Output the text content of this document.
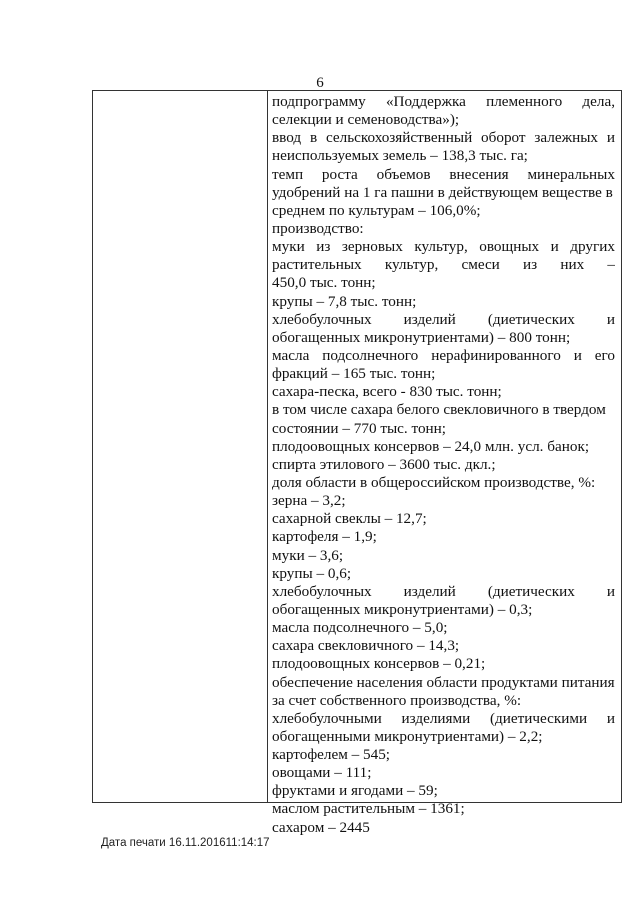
6
подпрограмму «Поддержка племенного дела,
селекции и семеноводства»);
ввод в сельскохозяйственный оборот залежных и
неиспользуемых земель – 138,3 тыс. га;
темп роста объемов внесения минеральных
удобрений на 1 га пашни в действующем веществе в
среднем по культурам – 106,0%;
производство:
муки из зерновых культур, овощных и других
растительных культур, смеси из них –
450,0 тыс. тонн;
крупы – 7,8 тыс. тонн;
хлебобулочных изделий (диетических и
обогащенных микронутриентами) – 800 тонн;
масла подсолнечного нерафинированного и его
фракций – 165 тыс. тонн;
сахара-песка, всего - 830 тыс. тонн;
в том числе сахара белого свекловичного в твердом
состоянии – 770 тыс. тонн;
плодоовощных консервов – 24,0 млн. усл. банок;
спирта этилового – 3600 тыс. дкл.;
доля области в общероссийском производстве, %:
зерна – 3,2;
сахарной свеклы – 12,7;
картофеля – 1,9;
муки – 3,6;
крупы – 0,6;
хлебобулочных изделий (диетических и
обогащенных микронутриентами) – 0,3;
масла подсолнечного – 5,0;
сахара свекловичного – 14,3;
плодоовощных консервов – 0,21;
обеспечение населения области продуктами питания
за счет собственного производства, %:
хлебобулочными изделиями (диетическими и
обогащенными микронутриентами) – 2,2;
картофелем – 545;
овощами – 111;
фруктами и ягодами – 59;
маслом растительным – 1361;
сахаром – 2445
Дата печати 16.11.201611:14:17
